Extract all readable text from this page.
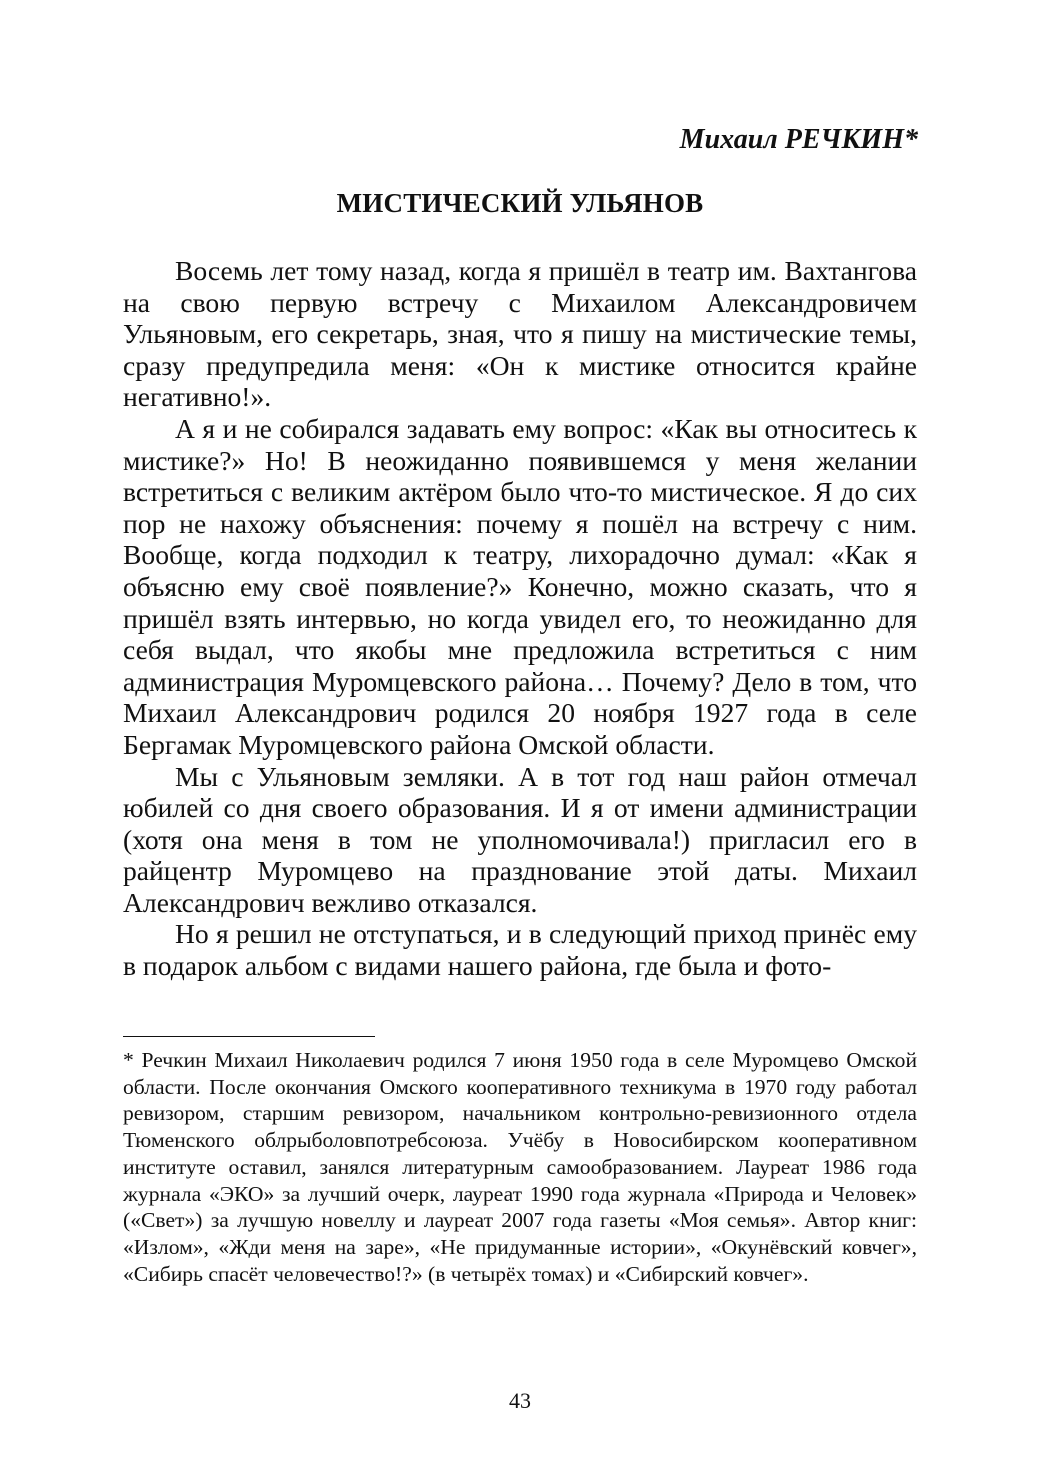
Михаил РЕЧКИН*

МИСТИЧЕСКИЙ УЛЬЯНОВ

Восемь лет тому назад, когда я пришёл в театр им. Вахтангова на свою первую встречу с Михаилом Александровичем Ульяновым, его секретарь, зная, что я пишу на мистические темы, сразу предупредила меня: «Он к мистике относится крайне негативно!».

А я и не собирался задавать ему вопрос: «Как вы относитесь к мистике?» Но! В неожиданно появившемся у меня желании встретиться с великим актёром было что-то мистическое. Я до сих пор не нахожу объяснения: почему я пошёл на встречу с ним. Вообще, когда подходил к театру, лихорадочно думал: «Как я объясню ему своё появление?» Конечно, можно сказать, что я пришёл взять интервью, но когда увидел его, то неожиданно для себя выдал, что якобы мне предложила встретиться с ним администрация Муромцевского района… Почему? Дело в том, что Михаил Александрович родился 20 ноября 1927 года в селе Бергамак Муромцевского района Омской области.

Мы с Ульяновым земляки. А в тот год наш район отмечал юбилей со дня своего образования. И я от имени администрации (хотя она меня в том не уполномочивала!) пригласил его в райцентр Муромцево на празднование этой даты. Михаил Александрович вежливо отказался.

Но я решил не отступаться, и в следующий приход принёс ему в подарок альбом с видами нашего района, где была и фото-

* Речкин Михаил Николаевич родился 7 июня 1950 года в селе Муромцево Омской области. После окончания Омского кооперативного техникума в 1970 году работал ревизором, старшим ревизором, начальником контрольно-ревизионного отдела Тюменского облрыболовпотребсоюза. Учёбу в Новосибирском кооперативном институте оставил, занялся литературным самообразованием. Лауреат 1986 года журнала «ЭКО» за лучший очерк, лауреат 1990 года журнала «Природа и Человек» («Свет») за лучшую новеллу и лауреат 2007 года газеты «Моя семья». Автор книг: «Излом», «Жди меня на заре», «Не придуманные истории», «Окунёвский ковчег», «Сибирь спасёт человечество!?» (в четырёх томах) и «Сибирский ковчег».

43
